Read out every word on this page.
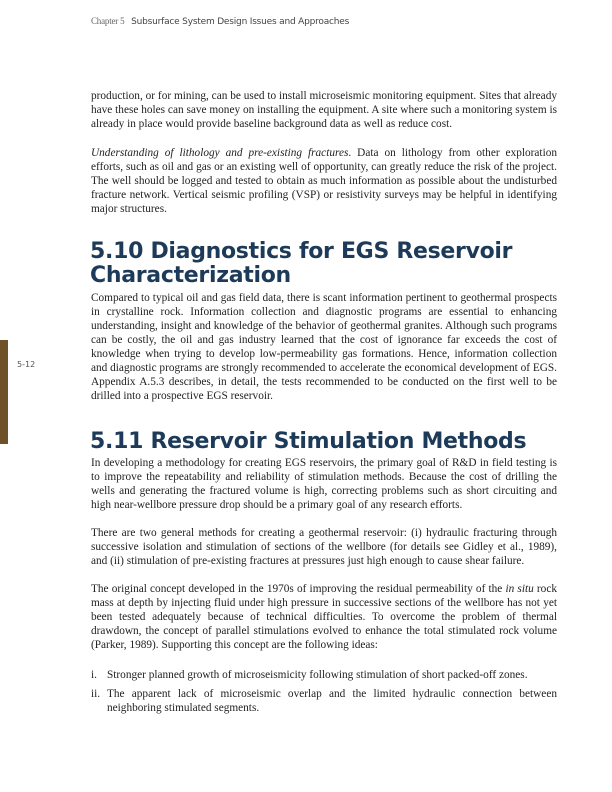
Chapter 5 Subsurface System Design Issues and Approaches
5-12

production, or for mining, can be used to install microseismic monitoring equipment. Sites that already have these holes can save money on installing the equipment. A site where such a monitoring system is already in place would provide baseline background data as well as reduce cost.

Understanding of lithology and pre-existing fractures. Data on lithology from other exploration efforts, such as oil and gas or an existing well of opportunity, can greatly reduce the risk of the project. The well should be logged and tested to obtain as much information as possible about the undisturbed fracture network. Vertical seismic profiling (VSP) or resistivity surveys may be helpful in identifying major structures.

5.10 Diagnostics for EGS Reservoir Characterization

Compared to typical oil and gas field data, there is scant information pertinent to geothermal prospects in crystalline rock. Information collection and diagnostic programs are essential to enhancing understanding, insight and knowledge of the behavior of geothermal granites. Although such programs can be costly, the oil and gas industry learned that the cost of ignorance far exceeds the cost of knowledge when trying to develop low-permeability gas formations. Hence, information collection and diagnostic programs are strongly recommended to accelerate the economical development of EGS. Appendix A.5.3 describes, in detail, the tests recommended to be conducted on the first well to be drilled into a prospective EGS reservoir.

5.11 Reservoir Stimulation Methods

In developing a methodology for creating EGS reservoirs, the primary goal of R&D in field testing is to improve the repeatability and reliability of stimulation methods. Because the cost of drilling the wells and generating the fractured volume is high, correcting problems such as short circuiting and high near-wellbore pressure drop should be a primary goal of any research efforts.

There are two general methods for creating a geothermal reservoir: (i) hydraulic fracturing through successive isolation and stimulation of sections of the wellbore (for details see Gidley et al., 1989), and (ii) stimulation of pre-existing fractures at pressures just high enough to cause shear failure.

The original concept developed in the 1970s of improving the residual permeability of the in situ rock mass at depth by injecting fluid under high pressure in successive sections of the wellbore has not yet been tested adequately because of technical difficulties. To overcome the problem of thermal drawdown, the concept of parallel stimulations evolved to enhance the total stimulated rock volume (Parker, 1989). Supporting this concept are the following ideas:

i. Stronger planned growth of microseismicity following stimulation of short packed-off zones.
ii. The apparent lack of microseismic overlap and the limited hydraulic connection between neighboring stimulated segments.
